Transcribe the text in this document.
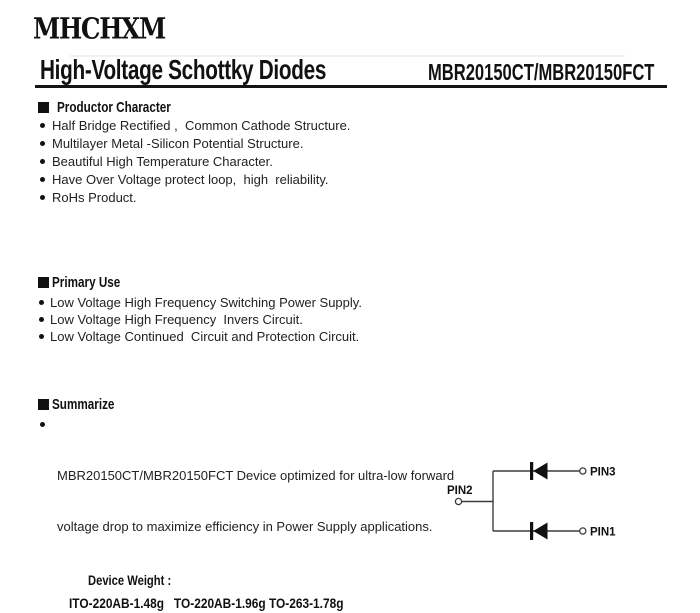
MHCHXM
High-Voltage Schottky Diodes	MBR20150CT/MBR20150FCT
Productor Character
Half Bridge Rectified ,  Common Cathode Structure.
Multilayer Metal -Silicon Potential Structure.
Beautiful High Temperature Character.
Have Over Voltage protect loop,  high  reliability.
RoHs Product.
Primary Use
Low Voltage High Frequency Switching Power Supply.
Low Voltage High Frequency  Invers Circuit.
Low Voltage Continued  Circuit and Protection Circuit.
Summarize

MBR20150CT/MBR20150FCT Device optimized for ultra-low forward

voltage drop to maximize efficiency in Power Supply applications.

Device Weight :
ITO-220AB-1.48g   TO-220AB-1.96g TO-263-1.78g
PIN2
PIN3
PIN1
